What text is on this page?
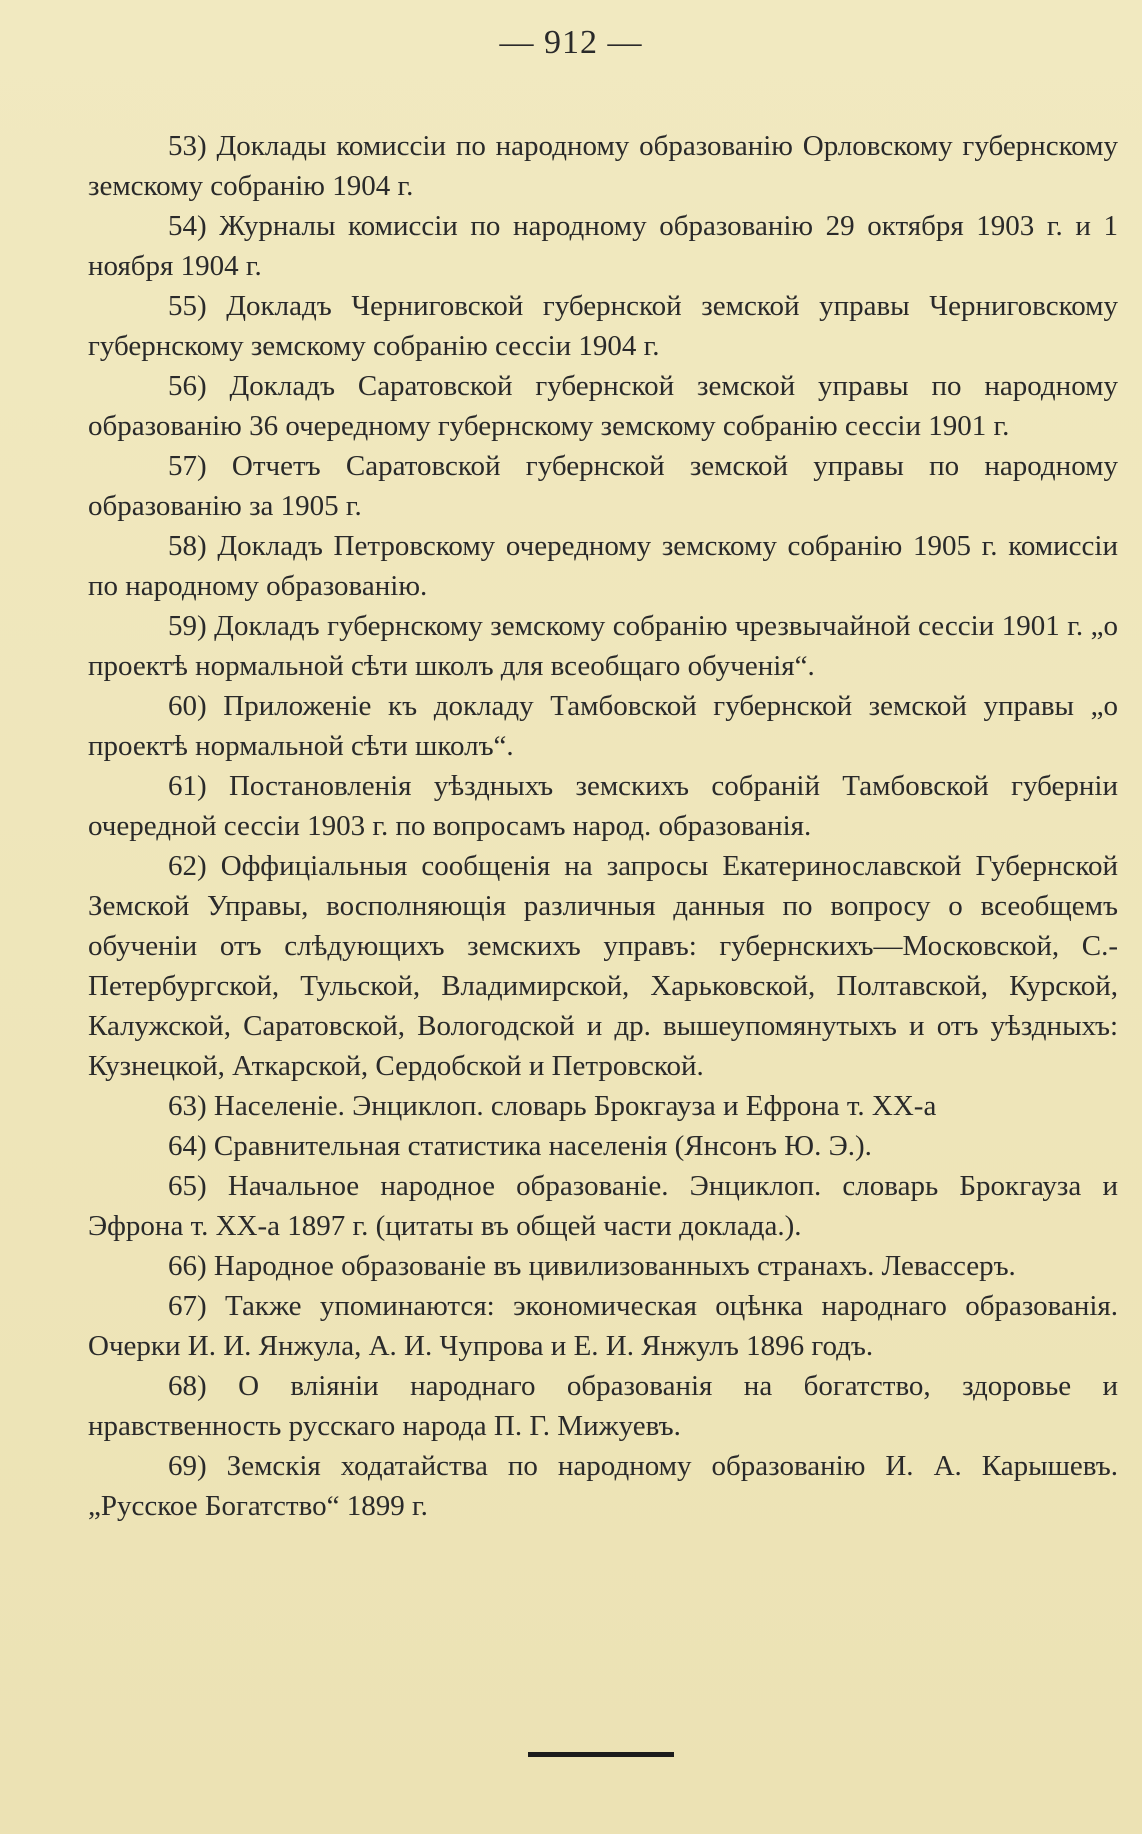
— 912 —

53) Доклады комиссіи по народному образованію Орловскому губернскому земскому собранію 1904 г.

54) Журналы комиссіи по народному образованію 29 октября 1903 г. и 1 ноября 1904 г.

55) Докладъ Черниговской губернской земской управы Черниговскому губернскому земскому собранію сессіи 1904 г.

56) Докладъ Саратовской губернской земской управы по народному образованію 36 очередному губернскому земскому собранію сессіи 1901 г.

57) Отчетъ Саратовской губернской земской управы по народному образованію за 1905 г.

58) Докладъ Петровскому очередному земскому собранію 1905 г. комиссіи по народному образованію.

59) Докладъ губернскому земскому собранію чрезвычайной сессіи 1901 г. „о проектѣ нормальной сѣти школъ для всеобщаго обученія“.

60) Приложеніе къ докладу Тамбовской губернской земской управы „о проектѣ нормальной сѣти школъ“.

61) Постановленія уѣздныхъ земскихъ собраній Тамбовской губерніи очередной сессіи 1903 г. по вопросамъ народ. образованія.

62) Оффиціальныя сообщенія на запросы Екатеринославской Губернской Земской Управы, восполняющія различныя данныя по вопросу о всеобщемъ обученіи отъ слѣдующихъ земскихъ управъ: губернскихъ—Московской, С.-Петербургской, Тульской, Владимирской, Харьковской, Полтавской, Курской, Калужской, Саратовской, Вологодской и др. вышеупомянутыхъ и отъ уѣздныхъ: Кузнецкой, Аткарской, Сердобской и Петровской.

63) Населеніе. Энциклоп. словарь Брокгауза и Ефрона т. XX-а

64) Сравнительная статистика населенія (Янсонъ Ю. Э.).

65) Начальное народное образованіе. Энциклоп. словарь Брокгауза и Эфрона т. XX-а 1897 г. (цитаты въ общей части доклада.).

66) Народное образованіе въ цивилизованныхъ странахъ. Левассеръ.

67) Также упоминаются: экономическая оцѣнка народнаго образованія. Очерки И. И. Янжула, А. И. Чупрова и Е. И. Янжулъ 1896 годъ.

68) О вліяніи народнаго образованія на богатство, здоровье и нравственность русскаго народа П. Г. Мижуевъ.

69) Земскія ходатайства по народному образованію И. А. Карышевъ. „Русское Богатство“ 1899 г.
